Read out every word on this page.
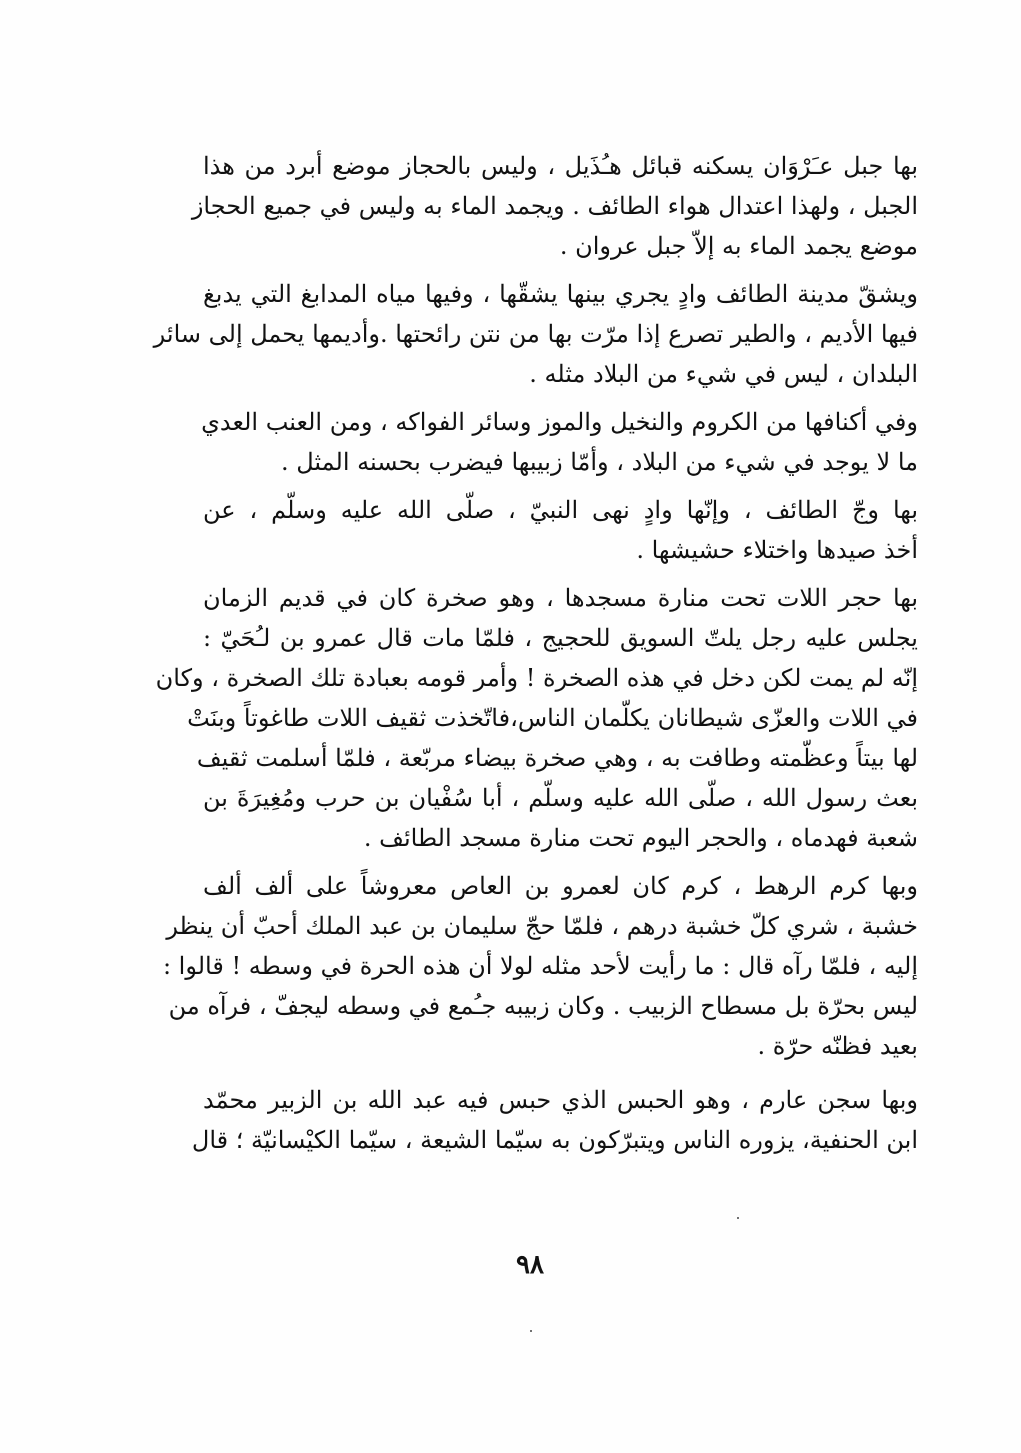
بها جبل عـَرْوَان يسكنه قبائل هـُذَيل ، وليس بالحجاز موضع أبرد من هذا
الجبل ، ولهذا اعتدال هواء الطائف . ويجمد الماء به وليس في جميع الحجاز
موضع يجمد الماء به إلاّ جبل عروان .
ويشقّ مدينة الطائف وادٍ يجري بينها يشقّها ، وفيها مياه المدابغ التي يدبغ
فيها الأديم ، والطير تصرع إذا مرّت بها من نتن رائحتها .وأديمها يحمل إلى سائر
البلدان ، ليس في شيء من البلاد مثله .
وفي أكنافها من الكروم والنخيل والموز وسائر الفواكه ، ومن العنب العدي
ما لا يوجد في شيء من البلاد ، وأمّا زبيبها فيضرب بحسنه المثل .
بها وجّ الطائف ، وإنّها وادٍ نهى النبيّ ، صلّى الله عليه وسلّم ، عن
أخذ صيدها واختلاء حشيشها .
بها حجر اللات تحت منارة مسجدها ، وهو صخرة كان في قديم الزمان
يجلس عليه رجل يلتّ السويق للحجيج ، فلمّا مات قال عمرو بن لـُحَيّ :
إنّه لم يمت لكن دخل في هذه الصخرة ! وأمر قومه بعبادة تلك الصخرة ، وكان
في اللات والعزّى شيطانان يكلّمان الناس،فاتّخذت ثقيف اللات طاغوتاً وبنَتْ
لها بيتاً وعظّمته وطافت به ، وهي صخرة بيضاء مربّعة ، فلمّا أسلمت ثقيف
بعث رسول الله ، صلّى الله عليه وسلّم ، أبا سُفْيان بن حرب ومُغِيرَةَ بن
شعبة فهدماه ، والحجر اليوم تحت منارة مسجد الطائف .
وبها كرم الرهط ، كرم كان لعمرو بن العاص معروشاً على ألف ألف
خشبة ، شري كلّ خشبة درهم ، فلمّا حجّ سليمان بن عبد الملك أحبّ أن ينظر
إليه ، فلمّا رآه قال : ما رأيت لأحد مثله لولا أن هذه الحرة في وسطه ! قالوا :
ليس بحرّة بل مسطاح الزبيب . وكان زبيبه جـُمع في وسطه ليجفّ ، فرآه من
بعيد فظنّه حرّة .
وبها سجن عارم ، وهو الحبس الذي حبس فيه عبد الله بن الزبير محمّد
ابن الحنفية، يزوره الناس ويتبرّكون به سيّما الشيعة ، سيّما الكيْسانيّة ؛ قال
٩٨
